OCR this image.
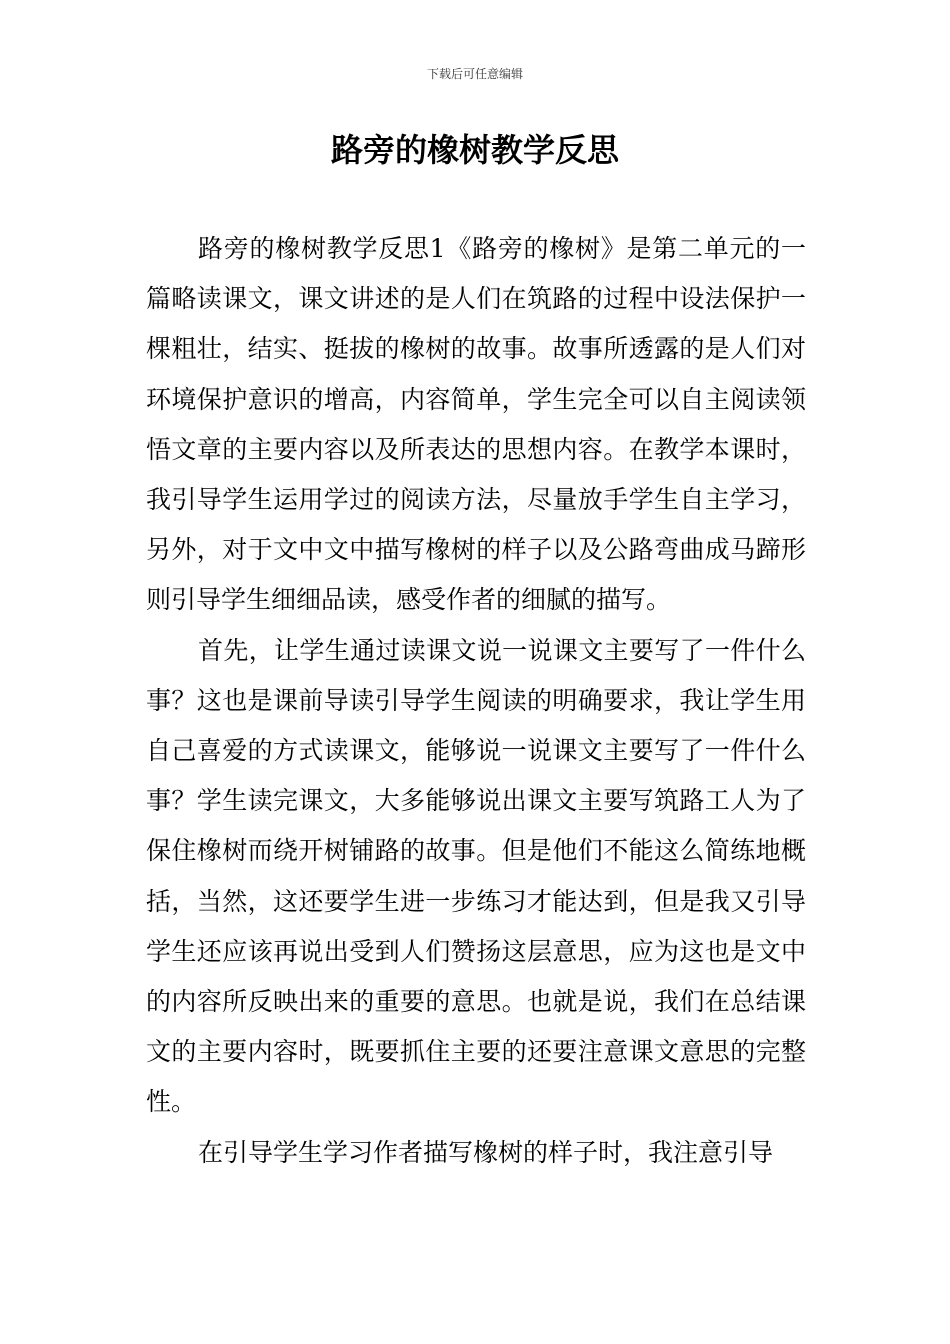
下载后可任意编辑
路旁的橡树教学反思

路旁的橡树教学反思1《路旁的橡树》是第二单元的一篇略读课文，课文讲述的是人们在筑路的过程中设法保护一棵粗壮，结实、挺拔的橡树的故事。故事所透露的是人们对环境保护意识的增高，内容简单，学生完全可以自主阅读领悟文章的主要内容以及所表达的思想内容。在教学本课时，我引导学生运用学过的阅读方法，尽量放手学生自主学习，另外，对于文中文中描写橡树的样子以及公路弯曲成马蹄形则引导学生细细品读，感受作者的细腻的描写。

首先，让学生通过读课文说一说课文主要写了一件什么事？这也是课前导读引导学生阅读的明确要求，我让学生用自己喜爱的方式读课文，能够说一说课文主要写了一件什么事？学生读完课文，大多能够说出课文主要写筑路工人为了保住橡树而绕开树铺路的故事。但是他们不能这么简练地概括，当然，这还要学生进一步练习才能达到，但是我又引导学生还应该再说出受到人们赞扬这层意思，应为这也是文中的内容所反映出来的重要的意思。也就是说，我们在总结课文的主要内容时，既要抓住主要的还要注意课文意思的完整性。

在引导学生学习作者描写橡树的样子时，我注意引导
